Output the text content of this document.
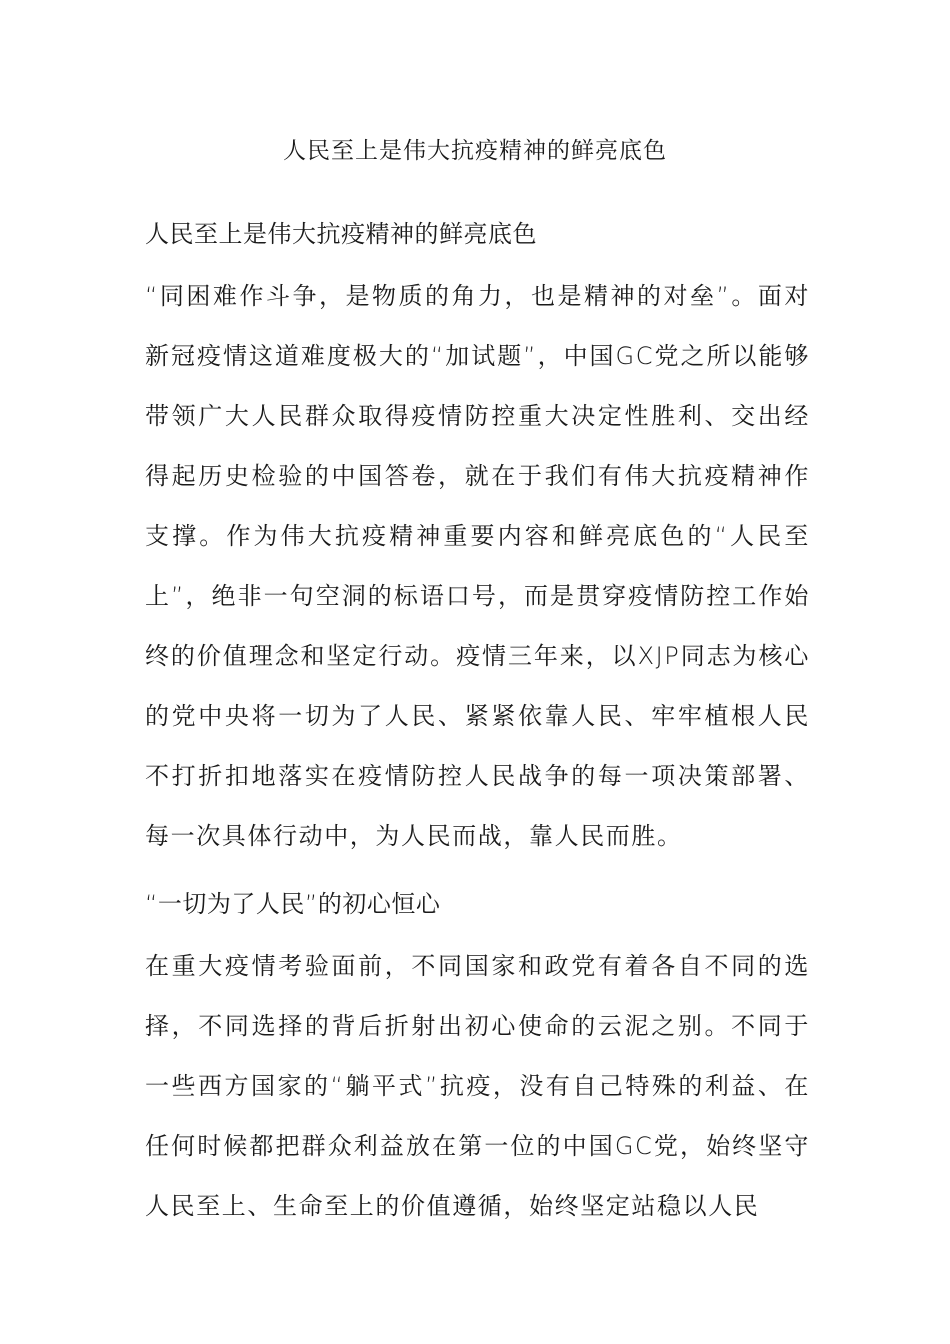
人民至上是伟大抗疫精神的鲜亮底色

人民至上是伟大抗疫精神的鲜亮底色

“同困难作斗争，是物质的角力，也是精神的对垒”。面对新冠疫情这道难度极大的“加试题”，中国GC党之所以能够带领广大人民群众取得疫情防控重大决定性胜利、交出经得起历史检验的中国答卷，就在于我们有伟大抗疫精神作支撑。作为伟大抗疫精神重要内容和鲜亮底色的“人民至上”，绝非一句空洞的标语口号，而是贯穿疫情防控工作始终的价值理念和坚定行动。疫情三年来，以XJP同志为核心的党中央将一切为了人民、紧紧依靠人民、牢牢植根人民不打折扣地落实在疫情防控人民战争的每一项决策部署、每一次具体行动中，为人民而战，靠人民而胜。

“一切为了人民”的初心恒心

在重大疫情考验面前，不同国家和政党有着各自不同的选择，不同选择的背后折射出初心使命的云泥之别。不同于一些西方国家的“躺平式”抗疫，没有自己特殊的利益、在任何时候都把群众利益放在第一位的中国GC党，始终坚守人民至上、生命至上的价值遵循，始终坚定站稳以人民
